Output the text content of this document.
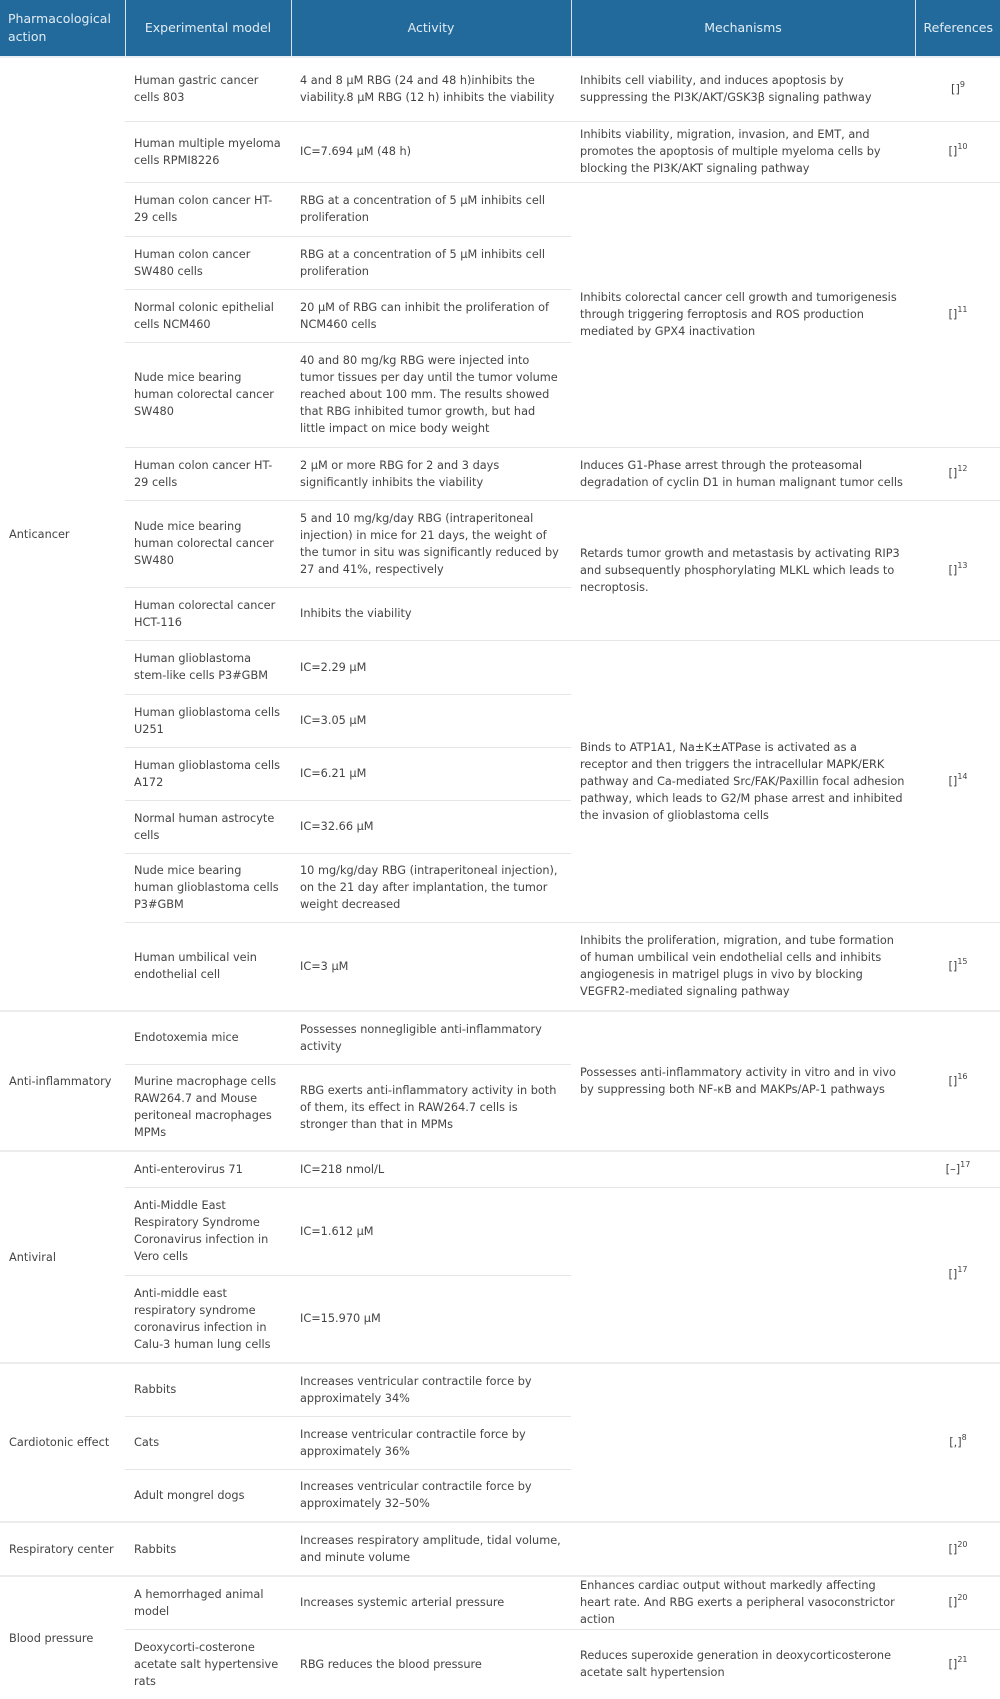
Pharmacological action	Experimental model	Activity	Mechanisms	References
Anticancer	Human gastric cancer cells 803	4 and 8 μM RBG (24 and 48 h)inhibits the viability.8 μM RBG (12 h) inhibits the viability	Inhibits cell viability, and induces apoptosis by suppressing the PI3K/AKT/GSK3β signaling pathway	[]$^9$
	Human multiple myeloma cells RPMI8226	IC=7.694 μM (48 h)	Inhibits viability, migration, invasion, and EMT, and promotes the apoptosis of multiple myeloma cells by blocking the PI3K/AKT signaling pathway	[]$^{10}$
	Human colon cancer HT-29 cells	RBG at a concentration of 5 μM inhibits cell proliferation	Inhibits colorectal cancer cell growth and tumorigenesis through triggering ferroptosis and ROS production mediated by GPX4 inactivation	[]$^{11}$
	Human colon cancer SW480 cells	RBG at a concentration of 5 μM inhibits cell proliferation		
	Normal colonic epithelial cells NCM460	20 μM of RBG can inhibit the proliferation of NCM460 cells		
	Nude mice bearing human colorectal cancer SW480	40 and 80 mg/kg RBG were injected into tumor tissues per day until the tumor volume reached about 100 mm. The results showed that RBG inhibited tumor growth, but had little impact on mice body weight		
	Human colon cancer HT-29 cells	2 μM or more RBG for 2 and 3 days significantly inhibits the viability	Induces G1-Phase arrest through the proteasomal degradation of cyclin D1 in human malignant tumor cells	[]$^{12}$
	Nude mice bearing human colorectal cancer SW480	5 and 10 mg/kg/day RBG (intraperitoneal injection) in mice for 21 days, the weight of the tumor in situ was significantly reduced by 27 and 41%, respectively	Retards tumor growth and metastasis by activating RIP3 and subsequently phosphorylating MLKL which leads to necroptosis.	[]$^{13}$
	Human colorectal cancer HCT-116	Inhibits the viability		
	Human glioblastoma stem-like cells P3#GBM	IC=2.29 μM	Binds to ATP1A1, Na±K±ATPase is activated as a receptor and then triggers the intracellular MAPK/ERK pathway and Ca-mediated Src/FAK/Paxillin focal adhesion pathway, which leads to G2/M phase arrest and inhibited the invasion of glioblastoma cells	[]$^{14}$
	Human glioblastoma cells U251	IC=3.05 μM		
	Human glioblastoma cells A172	IC=6.21 μM		
	Normal human astrocyte cells	IC=32.66 μM		
	Nude mice bearing human glioblastoma cells P3#GBM	10 mg/kg/day RBG (intraperitoneal injection), on the 21 day after implantation, the tumor weight decreased		
	Human umbilical vein endothelial cell	IC=3 μM	Inhibits the proliferation, migration, and tube formation of human umbilical vein endothelial cells and inhibits angiogenesis in matrigel plugs in vivo by blocking VEGFR2-mediated signaling pathway	[]$^{15}$
Anti-inflammatory	Endotoxemia mice	Possesses nonnegligible anti-inflammatory activity	Possesses anti-inflammatory activity in vitro and in vivo by suppressing both NF-κB and MAKPs/AP-1 pathways	[]$^{16}$
	Murine macrophage cells RAW264.7 and Mouse peritoneal macrophages MPMs	RBG exerts anti-inflammatory activity in both of them, its effect in RAW264.7 cells is stronger than that in MPMs		
Antiviral	Anti-enterovirus 71	IC=218 nmol/L		$[-]^{17}$
	Anti-Middle East Respiratory Syndrome Coronavirus infection in Vero cells	IC=1.612 μM		[]$^{17}$
	Anti-middle east respiratory syndrome coronavirus infection in Calu-3 human lung cells	IC=15.970 μM		
Cardiotonic effect	Rabbits	Increases ventricular contractile force by approximately 34%		[,]$^8$
	Cats	Increase ventricular contractile force by approximately 36%		
	Adult mongrel dogs	Increases ventricular contractile force by approximately 32–50%		
Respiratory center	Rabbits	Increases respiratory amplitude, tidal volume, and minute volume		[]$^{20}$
Blood pressure	A hemorrhaged animal model	Increases systemic arterial pressure	Enhances cardiac output without markedly affecting heart rate. And RBG exerts a peripheral vasoconstrictor action	[]$^{20}$
	Deoxycorti-costerone acetate salt hypertensive rats	RBG reduces the blood pressure	Reduces superoxide generation in deoxycorticosterone acetate salt hypertension	[]$^{21}$
